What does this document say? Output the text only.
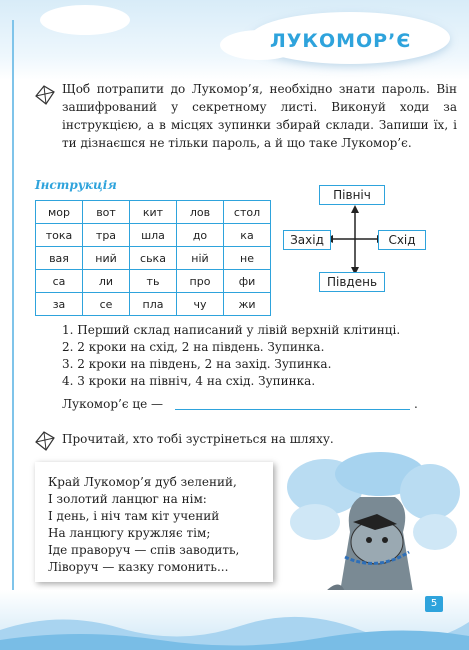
ЛУКОМОР’Є
Щоб потрапити до Лукомор’я, необхідно знати пароль. Він зашифрований у секретному листі. Виконуй ходи за інструкцією, а в місцях зупинки збирай склади. Запиши їх, і ти дізнаєшся не тільки пароль, а й що таке Лукомор’є.
Інструкція
мор	вот	кит	лов	стол
тока	тра	шла	до	ка
вая	ний	ська	ній	не
са	ли	ть	про	фи
за	се	пла	чу	жи
Північ
Захід	Схід
Південь
1. Перший склад написаний у лівій верхній клітинці.
2. 2 кроки на схід, 2 на південь. Зупинка.
3. 2 кроки на південь, 2 на захід. Зупинка.
4. 3 кроки на північ, 4 на схід. Зупинка.
Лукомор’є це —	.
Прочитай, хто тобі зустрінеться на шляху.
Край Лукомор’я дуб зелений,
І золотий ланцюг на нім:
І день, і ніч там кіт учений
На ланцюгу кружляє тім;
Іде праворуч — спів заводить,
Ліворуч — казку гомонить...
5
